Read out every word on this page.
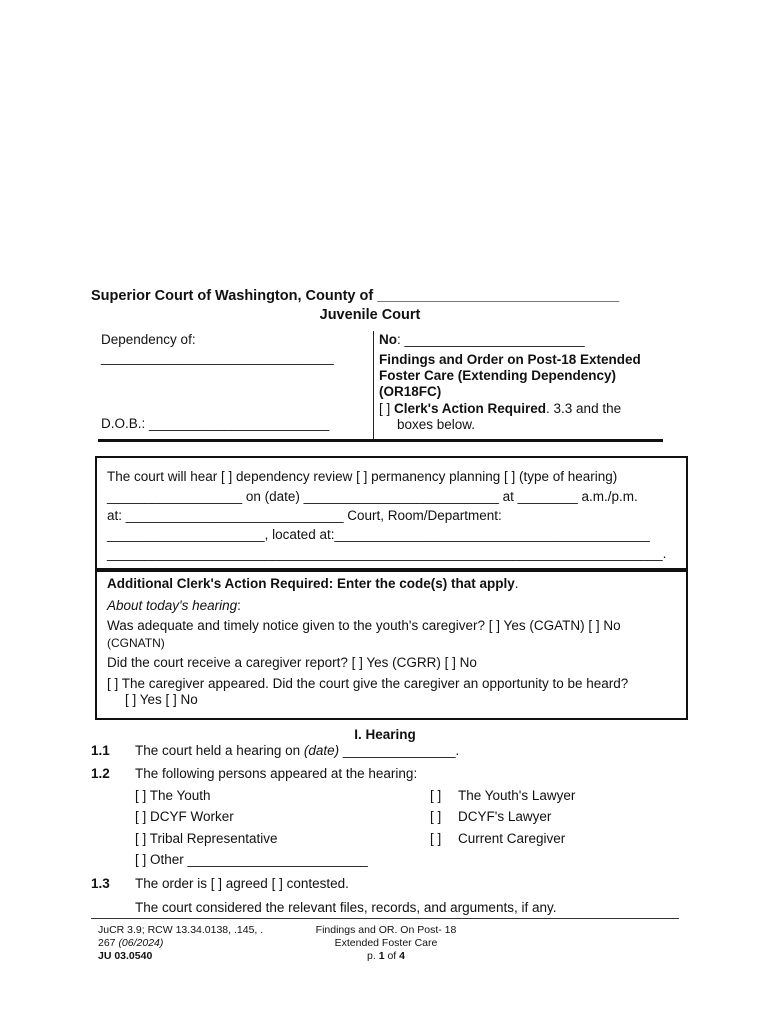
Superior Court of Washington, County of ______________________________
Juvenile Court
Dependency of:
_______________________________
D.O.B.: ________________________
No: ________________________
Findings and Order on Post-18 Extended
Foster Care (Extending Dependency)
(OR18FC)
[ ] Clerk's Action Required. 3.3 and the
boxes below.
The court will hear [ ] dependency review [ ] permanency planning [ ] (type of hearing)
__________________ on (date) __________________________ at ________ a.m./p.m.
at: _____________________________ Court, Room/Department:
_____________________, located at:__________________________________________
__________________________________________________________________________.
Additional Clerk's Action Required: Enter the code(s) that apply.
About today's hearing:
Was adequate and timely notice given to the youth's caregiver? [ ] Yes (CGATN) [ ] No
(CGNATN)
Did the court receive a caregiver report? [ ] Yes (CGRR) [ ] No
[ ] The caregiver appeared. Did the court give the caregiver an opportunity to be heard?
[ ] Yes [ ] No
I. Hearing
1.1 The court held a hearing on (date) _______________.
1.2 The following persons appeared at the hearing:
[ ] The Youth
[ ] DCYF Worker
[ ] Tribal Representative
[ ] Other ________________________
[ ] The Youth's Lawyer
[ ] DCYF's Lawyer
[ ] Current Caregiver
1.3 The order is [ ] agreed [ ] contested.
The court considered the relevant files, records, and arguments, if any.
JuCR 3.9; RCW 13.34.0138, .145, .
267 (06/2024)
JU 03.0540
Findings and OR. On Post- 18
Extended Foster Care
p. 1 of 4
